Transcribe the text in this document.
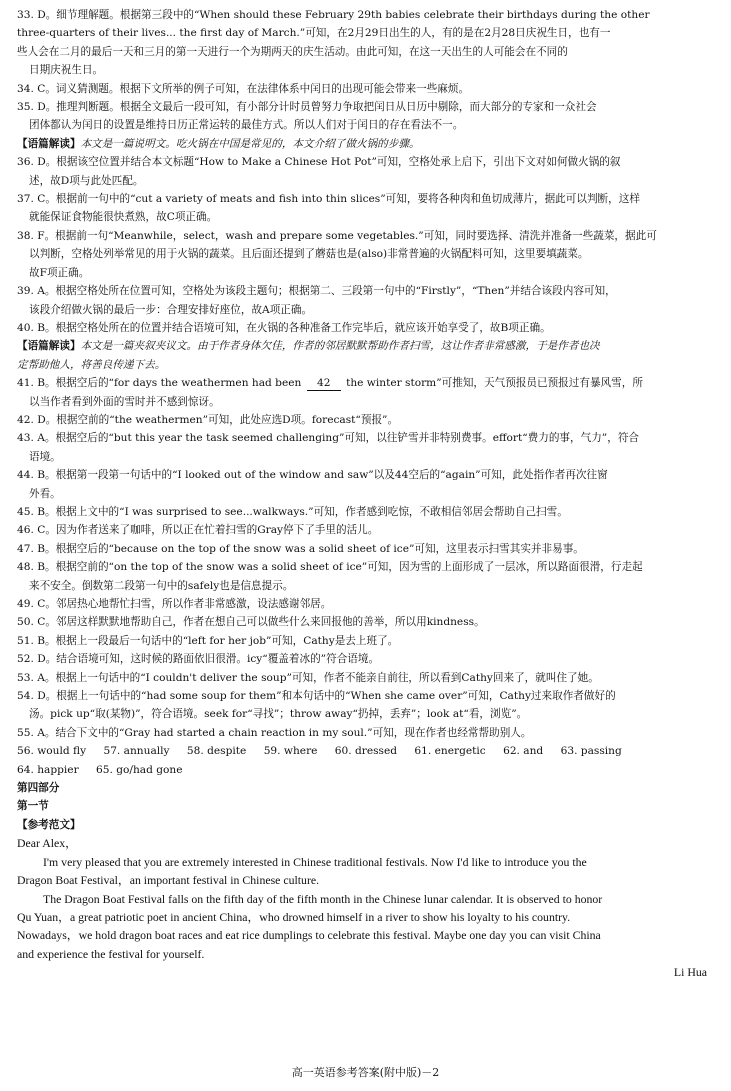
33. D。细节理解题。根据第三段中的“When should these February 29th babies celebrate their birthdays during the other
three-quarters of their lives... the first day of March.”可知，在2月29日出生的人，有的是在2月28日庆祝生日，也有一
些人会在二月的最后一天和三月的第一天进行一个为期两天的庆生活动。由此可知，在这一天出生的人可能会在不同的
日期庆祝生日。
34. C。词义猜测题。根据下文所举的例子可知，在法律体系中闰日的出现可能会带来一些麻烦。
35. D。推理判断题。根据全文最后一段可知，有小部分计时员曾努力争取把闰日从日历中剔除，而大部分的专家和一众社会
团体都认为闰日的设置是维持日历正常运转的最佳方式。所以人们对于闰日的存在看法不一。
【语篇解读】本文是一篇说明文。吃火锅在中国是常见的，本文介绍了做火锅的步骤。
36. D。根据该空位置并结合本文标题“How to Make a Chinese Hot Pot”可知，空格处承上启下，引出下文对如何做火锅的叙
述，故D项与此处匹配。
37. C。根据前一句中的“cut a variety of meats and fish into thin slices”可知，要将各种肉和鱼切成薄片，据此可以判断，这样
就能保证食物能很快煮熟，故C项正确。
38. F。根据前一句“Meanwhile，select，wash and prepare some vegetables.”可知，同时要选择、清洗并准备一些蔬菜，据此可
以判断，空格处列举常见的用于火锅的蔬菜。且后面还提到了蘑菇也是(also)非常普遍的火锅配料可知，这里要填蔬菜。
故F项正确。
39. A。根据空格处所在位置可知，空格处为该段主题句；根据第二、三段第一句中的“Firstly”，“Then”并结合该段内容可知，
该段介绍做火锅的最后一步：合理安排好座位，故A项正确。
40. B。根据空格处所在的位置并结合语境可知，在火锅的各种准备工作完毕后，就应该开始享受了，故B项正确。
【语篇解读】本文是一篇夹叙夹议文。由于作者身体欠佳，作者的邻居默默帮助作者扫雪，这让作者非常感激，于是作者也决
定帮助他人，将善良传递下去。
41. B。根据空后的“for days the weathermen had been 42 the winter storm”可推知，天气预报员已预报过有暴风雪，所
以当作者看到外面的雪时并不感到惊讶。
42. D。根据空前的“the weathermen”可知，此处应选D项。forecast“预报”。
43. A。根据空后的“but this year the task seemed challenging”可知，以往铲雪并非特别费事。effort“费力的事，气力”，符合
语境。
44. B。根据第一段第一句话中的“I looked out of the window and saw”以及44空后的“again”可知，此处指作者再次往窗
外看。
45. B。根据上文中的“I was surprised to see...walkways.”可知，作者感到吃惊，不敢相信邻居会帮助自己扫雪。
46. C。因为作者送来了咖啡，所以正在忙着扫雪的Gray停下了手里的活儿。
47. B。根据空后的“because on the top of the snow was a solid sheet of ice”可知，这里表示扫雪其实并非易事。
48. B。根据空前的“on the top of the snow was a solid sheet of ice”可知，因为雪的上面形成了一层冰，所以路面很滑，行走起
来不安全。倒数第二段第一句中的safely也是信息提示。
49. C。邻居热心地帮忙扫雪，所以作者非常感激，设法感谢邻居。
50. C。邻居这样默默地帮助自己，作者在想自己可以做些什么来回报他的善举，所以用kindness。
51. B。根据上一段最后一句话中的“left for her job”可知，Cathy是去上班了。
52. D。结合语境可知，这时候的路面依旧很滑。icy“覆盖着冰的”符合语境。
53. A。根据上一句话中的“I couldn't deliver the soup”可知，作者不能亲自前往，所以看到Cathy回来了，就叫住了她。
54. D。根据上一句话中的“had some soup for them”和本句话中的“When she came over”可知，Cathy过来取作者做好的
汤。pick up“取(某物)”，符合语境。seek for“寻找”；throw away“扔掉，丢弃”；look at“看，浏览”。
55. A。结合下文中的“Gray had started a chain reaction in my soul.”可知，现在作者也经常帮助别人。
56. would fly 57. annually 58. despite 59. where 60. dressed 61. energetic 62. and 63. passing
64. happier 65. go/had gone
第四部分
第一节
【参考范文】
Dear Alex，
I'm very pleased that you are extremely interested in Chinese traditional festivals. Now I'd like to introduce you the
Dragon Boat Festival，an important festival in Chinese culture.
The Dragon Boat Festival falls on the fifth day of the fifth month in the Chinese lunar calendar. It is observed to honor
Qu Yuan，a great patriotic poet in ancient China，who drowned himself in a river to show his loyalty to his country.
Nowadays，we hold dragon boat races and eat rice dumplings to celebrate this festival. Maybe one day you can visit China
and experience the festival for yourself.
Li Hua
高一英语参考答案(附中版)－2
